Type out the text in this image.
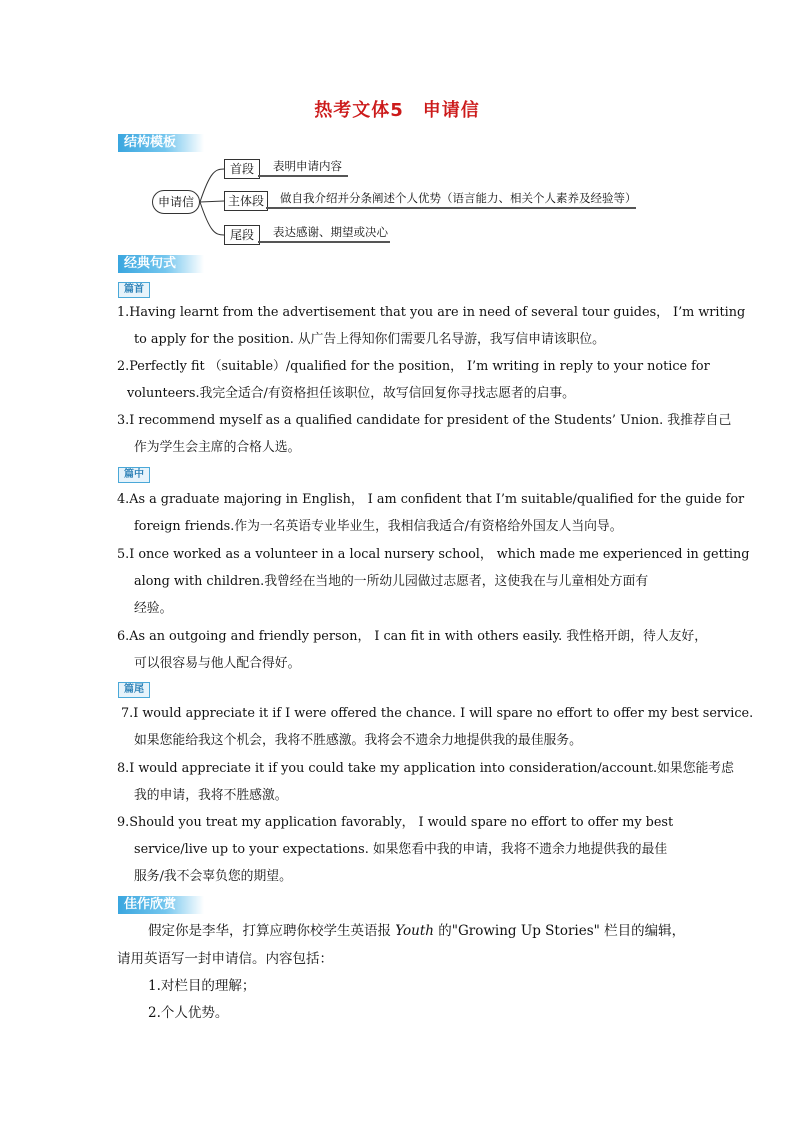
热考文体5　申请信
结构模板
申请信
首段	表明申请内容
主体段	做自我介绍并分条阐述个人优势（语言能力、相关个人素养及经验等）
尾段	表达感谢、期望或决心
经典句式
篇首
1.Having learnt from the advertisement that you are in need of several tour guides， I’m writing
to apply for the position. 从广告上得知你们需要几名导游，我写信申请该职位。
2.Perfectly fit （suitable）/qualified for the position， I’m writing in reply to your notice for
volunteers.我完全适合/有资格担任该职位，故写信回复你寻找志愿者的启事。
3.I recommend myself as a qualified candidate for president of the Students’ Union. 我推荐自己
作为学生会主席的合格人选。
篇中
4.As a graduate majoring in English， I am confident that I’m suitable/qualified for the guide for
foreign friends.作为一名英语专业毕业生，我相信我适合/有资格给外国友人当向导。
5.I once worked as a volunteer in a local nursery school， which made me experienced in getting
along with children.我曾经在当地的一所幼儿园做过志愿者，这使我在与儿童相处方面有
经验。
6.As an outgoing and friendly person， I can fit in with others easily. 我性格开朗，待人友好，
可以很容易与他人配合得好。
篇尾
7.I would appreciate it if I were offered the chance. I will spare no effort to offer my best service.
如果您能给我这个机会，我将不胜感激。我将会不遗余力地提供我的最佳服务。
8.I would appreciate it if you could take my application into consideration/account.如果您能考虑
我的申请，我将不胜感激。
9.Should you treat my application favorably， I would spare no effort to offer my best
service/live up to your expectations. 如果您看中我的申请，我将不遗余力地提供我的最佳
服务/我不会辜负您的期望。
佳作欣赏
假定你是李华，打算应聘你校学生英语报 Youth 的"Growing Up Stories" 栏目的编辑，
请用英语写一封申请信。内容包括：
1.对栏目的理解；
2.个人优势。
